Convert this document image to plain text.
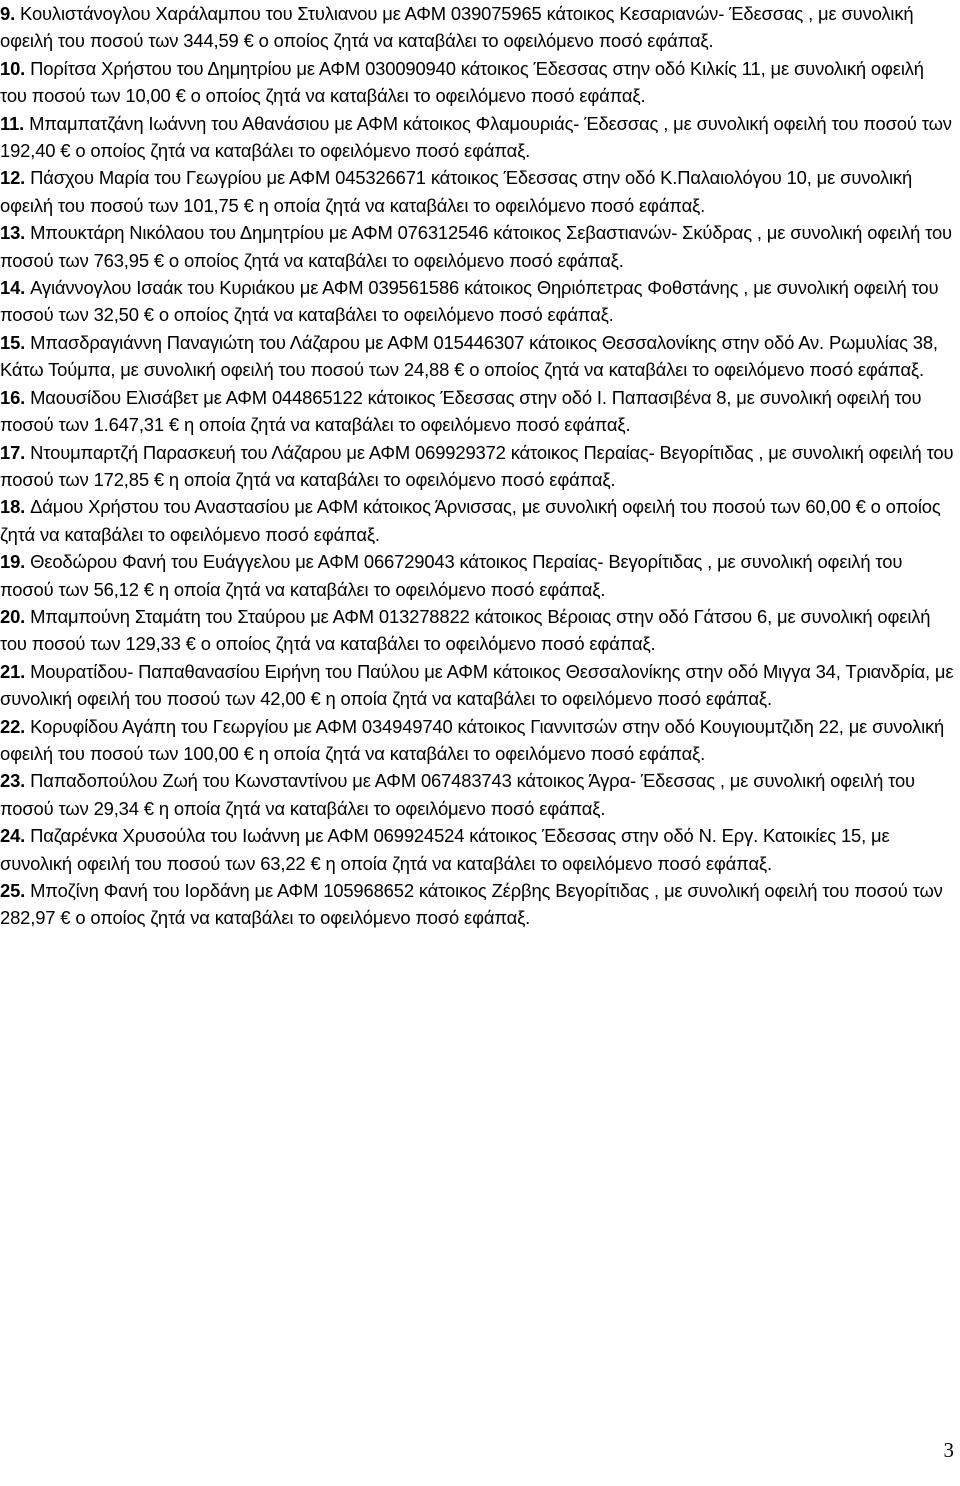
9. Κουλιστάνογλου Χαράλαμπου του Στυλιανου με ΑΦΜ 039075965 κάτοικος Κεσαριανών- Έδεσσας , με συνολική οφειλή του ποσού των 344,59 € ο οποίος ζητά να καταβάλει το οφειλόμενο ποσό εφάπαξ.

10. Πορίτσα Χρήστου του Δημητρίου με ΑΦΜ 030090940 κάτοικος Έδεσσας στην οδό Κιλκίς 11, με συνολική οφειλή του ποσού των 10,00 € ο οποίος ζητά να καταβάλει το οφειλόμενο ποσό εφάπαξ.

11. Μπαμπατζάνη Ιωάννη του Αθανάσιου με ΑΦΜ κάτοικος Φλαμουριάς- Έδεσσας , με συνολική οφειλή του ποσού των 192,40 € ο οποίος ζητά να καταβάλει το οφειλόμενο ποσό εφάπαξ.

12. Πάσχου Μαρία του Γεωγρίου με ΑΦΜ 045326671 κάτοικος Έδεσσας στην οδό Κ.Παλαιολόγου 10, με συνολική οφειλή του ποσού των 101,75 € η οποία ζητά να καταβάλει το οφειλόμενο ποσό εφάπαξ.

13. Μπουκτάρη Νικόλαου του Δημητρίου με ΑΦΜ 076312546 κάτοικος Σεβαστιανών- Σκύδρας , με συνολική οφειλή του ποσού των 763,95 € ο οποίος ζητά να καταβάλει το οφειλόμενο ποσό εφάπαξ.

14. Αγιάννογλου Ισαάκ του Κυριάκου με ΑΦΜ 039561586 κάτοικος Θηριόπετρας Φοθστάνης , με συνολική οφειλή του ποσού των 32,50 € ο οποίος ζητά να καταβάλει το οφειλόμενο ποσό εφάπαξ.

15. Μπασδραγιάννη Παναγιώτη του Λάζαρου με ΑΦΜ 015446307 κάτοικος Θεσσαλονίκης στην οδό Αν. Ρωμυλίας 38, Κάτω Τούμπα, με συνολική οφειλή του ποσού των 24,88 € ο οποίος ζητά να καταβάλει το οφειλόμενο ποσό εφάπαξ.

16. Μαουσίδου Ελισάβετ με ΑΦΜ 044865122 κάτοικος Έδεσσας στην οδό Ι. Παπασιβένα 8, με συνολική οφειλή του ποσού των 1.647,31 € η οποία ζητά να καταβάλει το οφειλόμενο ποσό εφάπαξ.

17. Ντουμπαρτζή Παρασκευή του Λάζαρου με ΑΦΜ 069929372 κάτοικος Περαίας- Βεγορίτιδας , με συνολική οφειλή του ποσού των 172,85 € η οποία ζητά να καταβάλει το οφειλόμενο ποσό εφάπαξ.

18. Δάμου Χρήστου του Αναστασίου με ΑΦΜ κάτοικος Άρνισσας, με συνολική οφειλή του ποσού των 60,00 € ο οποίος ζητά να καταβάλει το οφειλόμενο ποσό εφάπαξ.

19. Θεοδώρου Φανή του Ευάγγελου με ΑΦΜ 066729043 κάτοικος Περαίας- Βεγορίτιδας , με συνολική οφειλή του ποσού των 56,12 € η οποία ζητά να καταβάλει το οφειλόμενο ποσό εφάπαξ.

20. Μπαμπούνη Σταμάτη του Σταύρου με ΑΦΜ 013278822 κάτοικος Βέροιας στην οδό Γάτσου 6, με συνολική οφειλή του ποσού των 129,33 € ο οποίος ζητά να καταβάλει το οφειλόμενο ποσό εφάπαξ.

21. Μουρατίδου- Παπαθανασίου Ειρήνη του Παύλου με ΑΦΜ κάτοικος Θεσσαλονίκης στην οδό Μιγγα 34, Τριανδρία, με συνολική οφειλή του ποσού των 42,00 € η οποία ζητά να καταβάλει το οφειλόμενο ποσό εφάπαξ.

22. Κορυφίδου Αγάπη του Γεωργίου με ΑΦΜ 034949740 κάτοικος Γιαννιτσών στην οδό Κουγιουμτζιδη 22, με συνολική οφειλή του ποσού των 100,00 € η οποία ζητά να καταβάλει το οφειλόμενο ποσό εφάπαξ.

23. Παπαδοπούλου Ζωή του Κωνσταντίνου με ΑΦΜ 067483743 κάτοικος Άγρα- Έδεσσας , με συνολική οφειλή του ποσού των 29,34 € η οποία ζητά να καταβάλει το οφειλόμενο ποσό εφάπαξ.

24. Παζαρένκα Χρυσούλα του Ιωάννη με ΑΦΜ 069924524 κάτοικος Έδεσσας στην οδό Ν. Εργ. Κατοικίες 15, με συνολική οφειλή του ποσού των 63,22 € η οποία ζητά να καταβάλει το οφειλόμενο ποσό εφάπαξ.

25. Μποζίνη Φανή του Ιορδάνη με ΑΦΜ 105968652 κάτοικος Ζέρβης Βεγορίτιδας , με συνολική οφειλή του ποσού των 282,97 € ο οποίος ζητά να καταβάλει το οφειλόμενο ποσό εφάπαξ.

3
